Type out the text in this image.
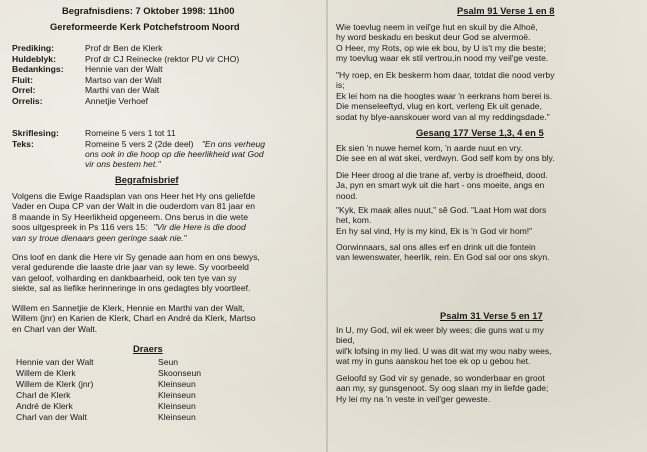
Begrafnisdiens: 7 Oktober 1998: 11h00
Gereformeerde Kerk Potchefstroom Noord
Prediking:	Prof dr Ben de Klerk
Huldeblyk:	Prof dr CJ Reinecke (rektor PU vir CHO)
Bedankings: Hennie van der Walt
Fluit:	Martso van der Walt
Orrel:	Marthi van der Walt
Orrelis:	Annetjie Verhoef
Skriflesing:	Romeine 5 vers 1 tot 11
Teks:	Romeine 5 vers 2 (2de deel) "En ons verheug
ons ook in die hoop op die heerlikheid wat God
vir ons bestem het."
Begrafnisbrief
Volgens die Ewige Raadsplan van ons Heer het Hy ons geliefde
Vader en Oupa CP van der Walt in die ouderdom van 81 jaar en
8 maande in Sy Heerlikheid opgeneem. Ons berus in die wete
soos uitgespreek in Ps 116 vers 15: "Vir die Here is die dood
van sy troue dienaars geen geringe saak nie."
Ons loof en dank die Here vir Sy genade aan hom en ons bewys,
veral gedurende die laaste drie jaar van sy lewe. Sy voorbeeld
van geloof, volharding en dankbaarheid, ook ten tye van sy
siekte, sal as liefike herinneringe in ons gedagtes bly voortleef.
Willem en Sannetjie de Klerk, Hennie en Marthi van der Walt,
Willem (jnr) en Karien de Klerk, Charl en André da Klerk, Martso
en Charl van der Walt.
Draers
Hennie van der Walt	Seun
Willem de Klerk	Skoonseun
Willem de Klerk (jnr)	Kleinseun
Charl de Klerk	Kleinseun
André de Klerk	Kleinseun
Charl van der Walt	Kleinseun
Psalm 91 Verse 1 en 8
Wie toevlug neem in veil'ge hut en skuil by die Alhoë,
hy word beskadu en beskut deur God se alvermoë.
O Heer, my Rots, op wie ek bou, by U is't my die beste;
my toevlug waar ek stil vertrou,in nood my veil'ge veste.
"Hy roep, en Ek beskerm hom daar, totdat die nood verby
is;
Ek lei hom na die hoogtes waar 'n eerkrans hom berei is.
Die menseleeftyd, vlug en kort, verleng Ek uit genade,
sodat hy blye-aanskouer word van al my reddingsdade."
Gesang 177 Verse 1,3, 4 en 5
Ek sien 'n nuwe hemel kom, 'n aarde nuut en vry.
Die see en al wat skei, verdwyn. God self kom by ons bly.
Die Heer droog al die trane af, verby is droefheid, dood.
Ja, pyn en smart wyk uit die hart - ons moeite, angs en
nood.
"Kyk, Ek maak alles nuut," sê God. "Laat Hom wat dors
het, kom.
En hy sal vind, Hy is my kind, Ek is 'n God vir hom!"
Oorwinnaars, sal ons alles erf en drink uit die fontein
van lewenswater, heerlik, rein. En God sal oor ons skyn.
Psalm 31 Verse 5 en 17
In U, my God, wil ek weer bly wees; die guns wat u my
bied,
wil'k lofsing in my lied. U was dit wat my wou naby wees,
wat my in guns aanskou het toe ek op u gebou het.
Geloofd sy God vir sy genade, so wonderbaar en groot
aan my, sy gunsgenoot. Sy oog slaan my in liefde gade;
Hy lei my na 'n veste in veil'ger gewestе.
